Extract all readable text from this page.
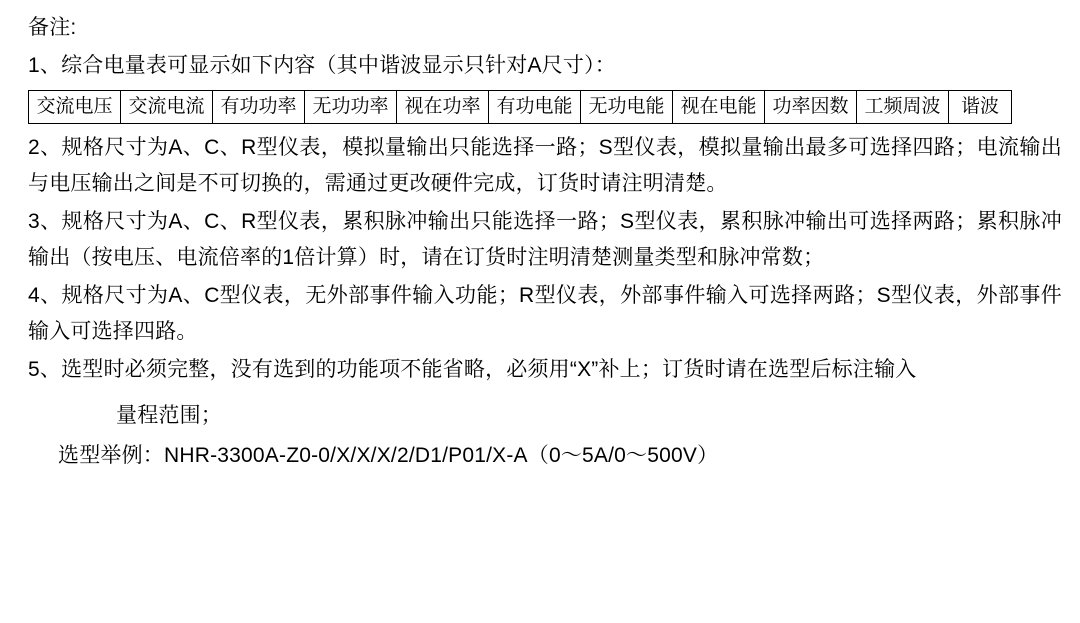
备注:
1、综合电量表可显示如下内容（其中谐波显示只针对A尺寸）：
交流电压	交流电流	有功功率	无功功率	视在功率	有功电能	无功电能	视在电能	功率因数	工频周波	谐波
2、规格尺寸为A、C、R型仪表，模拟量输出只能选择一路；S型仪表，模拟量输出最多可选择四路；电流输出与电压输出之间是不可切换的，需通过更改硬件完成，订货时请注明清楚。
3、规格尺寸为A、C、R型仪表，累积脉冲输出只能选择一路；S型仪表，累积脉冲输出可选择两路；累积脉冲输出（按电压、电流倍率的1倍计算）时，请在订货时注明清楚测量类型和脉冲常数；
4、规格尺寸为A、C型仪表，无外部事件输入功能；R型仪表，外部事件输入可选择两路；S型仪表，外部事件输入可选择四路。
5、选型时必须完整，没有选到的功能项不能省略，必须用“X”补上；订货时请在选型后标注输入
量程范围；
选型举例：NHR-3300A-Z0-0/X/X/X/2/D1/P01/X-A（0～5A/0～500V）
